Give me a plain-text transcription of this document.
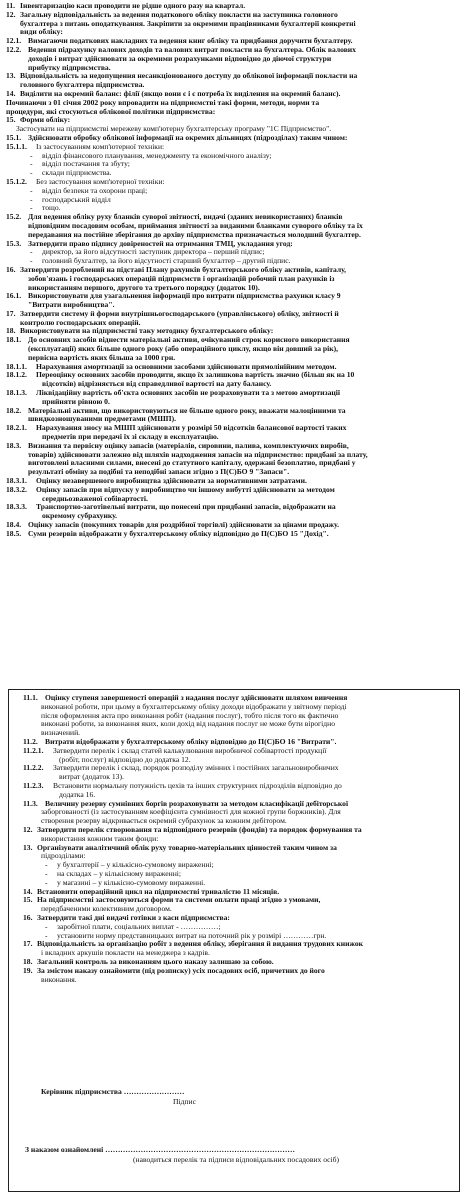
11. Інвентаризацію каси проводити не рідше одного разу на квартал.
12. Загальну відповідальність за ведення податкового обліку покласти на заступника головного
бухгалтера з питань оподаткування. Закріпити за окремими працівниками бухгалтерії конкретні
види обліку:
12.1. Вимагаючи податкових накладних та ведення книг обліку та придбання доручити бухгалтеру.
12.2. Ведення підрахунку валових доходів та валових витрат покласти на бухгалтера. Облік валових
доходів і витрат здійснювати за окремими розрахунками відповідно до діючої структури
прибутку підприємства.
13. Відповідальність за недопущення несанкціонованого доступу до облікової інформації покласти на
головного бухгалтера підприємства.
14. Виділити на окремий баланс: філії (якщо вони є і є потреба їх виділення на окремий баланс).
Починаючи з 01 січня 2002 року впровадити на підприємстві такі форми, методи, норми та
процедури, які стосуються облікової політики підприємства:
15. Форми обліку:
Застосувати на підприємстві мережеву комп'ютерну бухгалтерську програму "1С Підприємство".
15.1. Здійснювати обробку облікової інформації на окремих дільницях (підрозділах) таким чином:
15.1.1. Із застосуванням комп'ютерної техніки:
- відділ фінансового планування, менеджменту та економічного аналізу;
- відділ постачання та збуту;
- склади підприємства.
15.1.2. Без застосування комп'ютерної техніки:
- відділ безпеки та охорони праці;
- господарський відділ
- тощо.
15.2. Для ведення обліку руху бланків суворої звітності, видачі (зданих невикористаних) бланків
відповідним посадовим особам, приймання звітності за виданими бланками суворого обліку та їх
передавання на постійне зберігання до архіву підприємства призначається молодший бухгалтер.
15.3. Затвердити право підпису довіреностей на отримання ТМЦ, укладання угод:
- директор, за його відсутності заступник директора – перший підпис;
- головний бухгалтер, за його відсутності старший бухгалтер – другий підпис.
16. Затвердити розроблений на підставі Плану рахунків бухгалтерського обліку активів, капіталу,
зобов'язань і господарських операцій підприємств і організацій робочий план рахунків із
використанням першого, другого та третього порядку (додаток 10).
16.1. Використовувати для узагальнення інформації про витрати підприємства рахунки класу 9
"Витрати виробництва".
17. Затвердити систему й форми внутрішньогосподарського (управлінського) обліку, звітності й
контролю господарських операцій.
18. Використовувати на підприємстві таку методику бухгалтерського обліку:
18.1. До основних засобів віднести матеріальні активи, очікуваний строк корисного використання
(експлуатації) яких більше одного року (або операційного циклу, якщо він довший за рік),
первісна вартість яких більша за 1000 грн.
18.1.1. Нарахування амортизації за основними засобами здійснювати прямолінійним методом.
18.1.2. Переоцінку основних засобів проводити, якщо їх залишкова вартість значно (більш як на 10
відсотків) відрізняється від справедливої вартості на дату балансу.
18.1.3. Ліквідаційну вартість об'єкта основних засобів не розраховувати та з метою амортизації
прийняти рівною 0.
18.2. Матеріальні активи, що використовуються не більше одного року, вважати малоцінними та
швидкозношуваними предметами (МШП).
18.2.1. Нарахування зносу на МШП здійснювати у розмірі 50 відсотків балансової вартості таких
предметів при передачі їх зі складу в експлуатацію.
18.3. Визнання та первісну оцінку запасів (матеріалів, сировини, палива, комплектуючих виробів,
товарів) здійснювати залежно від шляхів надходження запасів на підприємство: придбані за плату,
виготовлені власними силами, внесені до статутного капіталу, одержані безоплатно, придбані у
результаті обміну за подібні та неподібні запаси згідно з П(С)БО 9 "Запаси".
18.3.1. Оцінку незавершеного виробництва здійснювати за нормативними затратами.
18.3.2. Оцінку запасів при відпуску у виробництво чи іншому вибутті здійснювати за методом
середньозваженої собівартості.
18.3.3. Транспортно-заготівельні витрати, що понесені при придбанні запасів, відображати на
окремому субрахунку.
18.4. Оцінку запасів (покупних товарів для роздрібної торгівлі) здійснювати за цінами продажу.
18.5. Суми резервів відображати у бухгалтерському обліку відповідно до П(С)БО 15 "Дохід".
11.1. Оцінку ступеня завершеності операцій з надання послуг здійснювати шляхом вивчення
виконаної роботи, при цьому в бухгалтерському обліку доходи відображати у звітному періоді
після оформлення акта про виконання робіт (надання послуг), тобто після того як фактично
виконані роботи, за виконання яких, коли дохід від надання послуг не може бути вірогідно
визначений.
11.2. Витрати відображати у бухгалтерському обліку відповідно до П(С)БО 16 "Витрати".
11.2.1. Затвердити перелік і склад статей калькулювання виробничої собівартості продукції
(робіт, послуг) відповідно до додатка 12.
11.2.2. Затвердити перелік і склад, порядок розподілу змінних і постійних загальновиробничих
витрат (додаток 13).
11.2.3. Встановити нормальну потужність цехів та інших структурних підрозділів відповідно до
додатка 16.
11.3. Величину резерву сумнівних боргів розраховувати за методом класифікації дебіторської
заборгованості (із застосуванням коефіцієнта сумнівності для кожної групи боржників). Для
створення резерву відкривається окремий субрахунок за кожним дебітором.
12. Затвердити перелік створювання та відповідного резервів (фондів) та порядок формування та
використання кожним таким фонди:
13. Організувати аналітичний облік руху товарно-матеріальних цінностей таким чином за
підрозділами:
- у бухгалтерії – у кількісно-сумовому вираженні;
- на складах – у кількісному вираженні;
- у магазині – у кількісно-сумовому вираженні.
14. Встановити операційний цикл на підприємстві тривалістю 11 місяців.
15. На підприємстві застосовуються форми та системи оплати праці згідно з умовами,
передбаченими колективним договором.
16. Затвердити такі дні видачі готівки з каси підприємства:
- заробітної плати, соціальних виплат - ……………;
- установити норму представницьких витрат на поточний рік у розмірі …………грн.
17. Відповідальність за організацію робіт з ведення обліку, зберігання й видання трудових книжок
і вкладних аркушів покласти на менеджера з кадрів.
18. Загальний контроль за виконанням цього наказу залишаю за собою.
19. За змістом наказу ознайомити (під розписку) усіх посадових осіб, причетних до його
виконання.
Керівник підприємства ……………………
Підпис
З наказом ознайомлені …………………………………………………………………
(наводиться перелік та підписи відповідальних посадових осіб)
